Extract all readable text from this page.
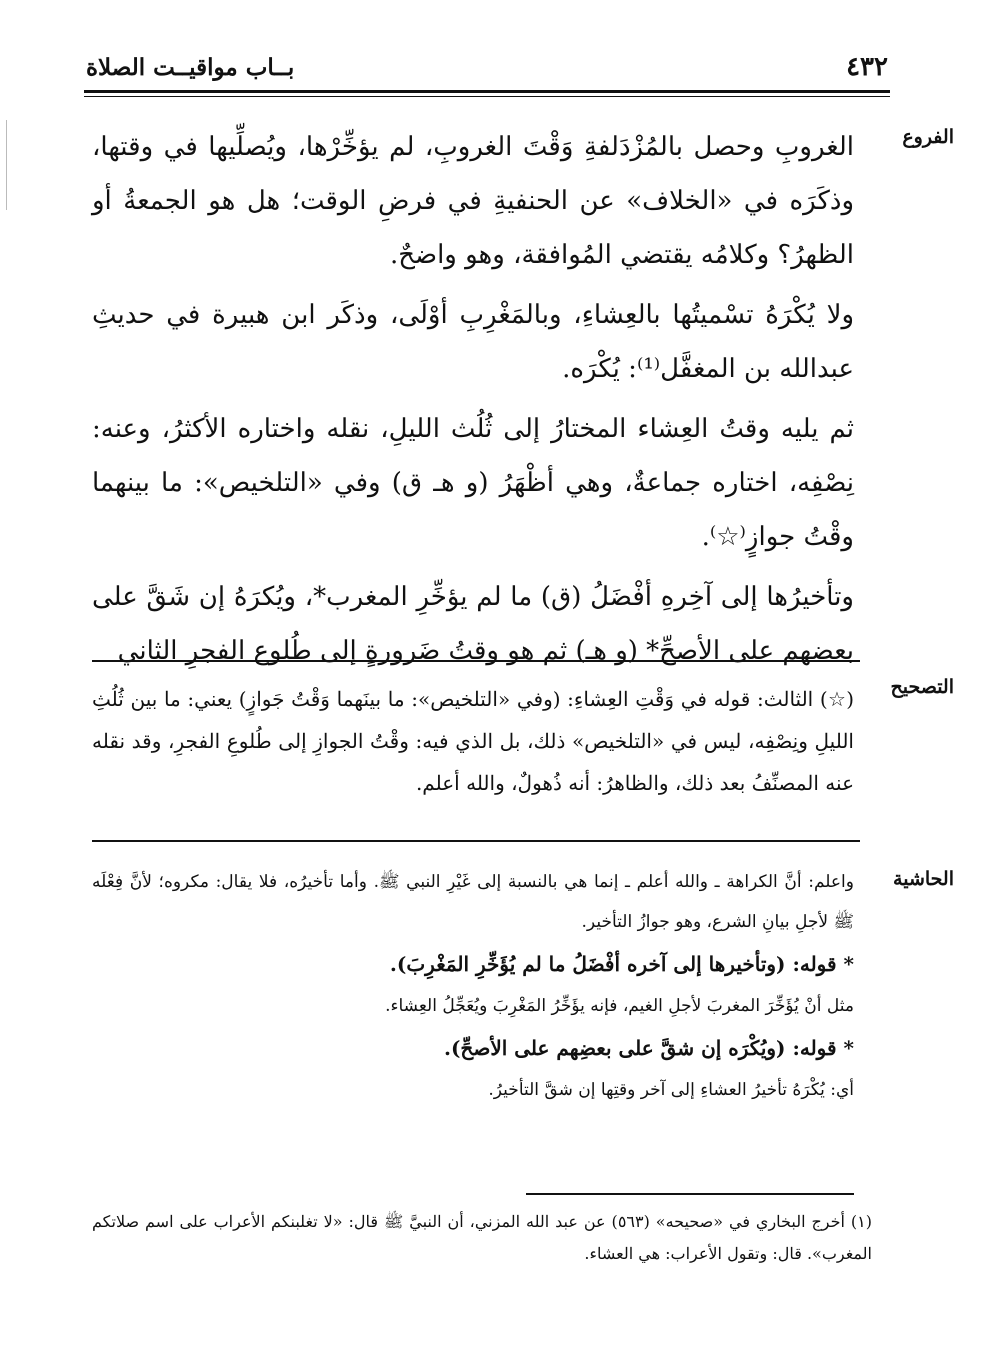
٤٣٢
بــاب مواقيــت الصلاة
الفروع

الغروبِ وحصل بالمُزْدَلفةِ وَقْتَ الغروبِ، لم يؤخِّرْها، ويُصلِّيها في وقتها، وذكَرَه في «الخلاف» عن الحنفيةِ في فرضِ الوقت؛ هل هو الجمعةُ أو الظهرُ؟ وكلامُه يقتضي المُوافقة، وهو واضحٌ.

ولا يُكْرَهُ تسْميتُها بالعِشاءِ، وبالمَغْرِبِ أوْلَى، وذكَر ابن هبيرة في حديثِ عبدالله بن المغفَّل⁽¹⁾: يُكْرَه.

ثم يليه وقتُ العِشاء المختارُ إلى ثُلُث الليلِ، نقله واختاره الأكثرُ، وعنه: نِصْفِه، اختاره جماعةٌ، وهي أظْهَرُ (و هـ ق) وفي «التلخيص»: ما بينهما وقْتُ جوازٍ⁽☆⁾.

وتأخيرُها إلى آخِرهِ أفْضَلُ (ق) ما لم يؤخِّرِ المغرب*، ويُكرَهُ إن شَقَّ على بعضهم على الأصحِّ* (و هـ) ثم هو وقتُ ضَرورةٍ إلى طُلوع الفجرِ الثاني

التصحيح

(☆) الثالث: قوله في وَقْتِ العِشاءِ: (وفي «التلخيص»: ما بينَهما وَقْتُ جَوازٍ) يعني: ما بين ثُلُثِ الليلِ ونِصْفِه، ليس في «التلخيص» ذلك، بل الذي فيه: وقْتُ الجوازِ إلى طُلوعِ الفجرِ، وقد نقله عنه المصنِّفُ بعد ذلك، والظاهرُ: أنه ذُهولٌ، والله أعلم.

الحاشية

واعلم: أنَّ الكراهة ـ والله أعلم ـ إنما هي بالنسبة إلى غَيْرِ النبي ﷺ. وأما تأخيرُه، فلا يقال: مكروه؛ لأنَّ فِعْلَه ﷺ لأجلِ بيانِ الشرع، وهو جوازُ التأخير.

* قوله: (وتأخيرها إلى آخره أفْضَلُ ما لم يُؤَخِّرِ المَغْرِبَ).

مثل أنْ يُؤَخِّرَ المغربَ لأجلِ الغيم، فإنه يؤَخِّرُ المَغْرِبَ ويُعَجِّلُ العِشاء.

* قوله: (ويُكْرَه إن شقَّ على بعضِهم على الأصحِّ).

أي: يُكْرَهُ تأخيرُ العشاءِ إلى آخر وقتِها إن شقَّ التأخيرُ.

(١) أخرج البخاري في «صحيحه» (٥٦٣) عن عبد الله المزني، أن النبيَّ ﷺ قال: «لا تغلبنكم الأعراب على اسم صلاتكم المغرب». قال: وتقول الأعراب: هي العشاء.
